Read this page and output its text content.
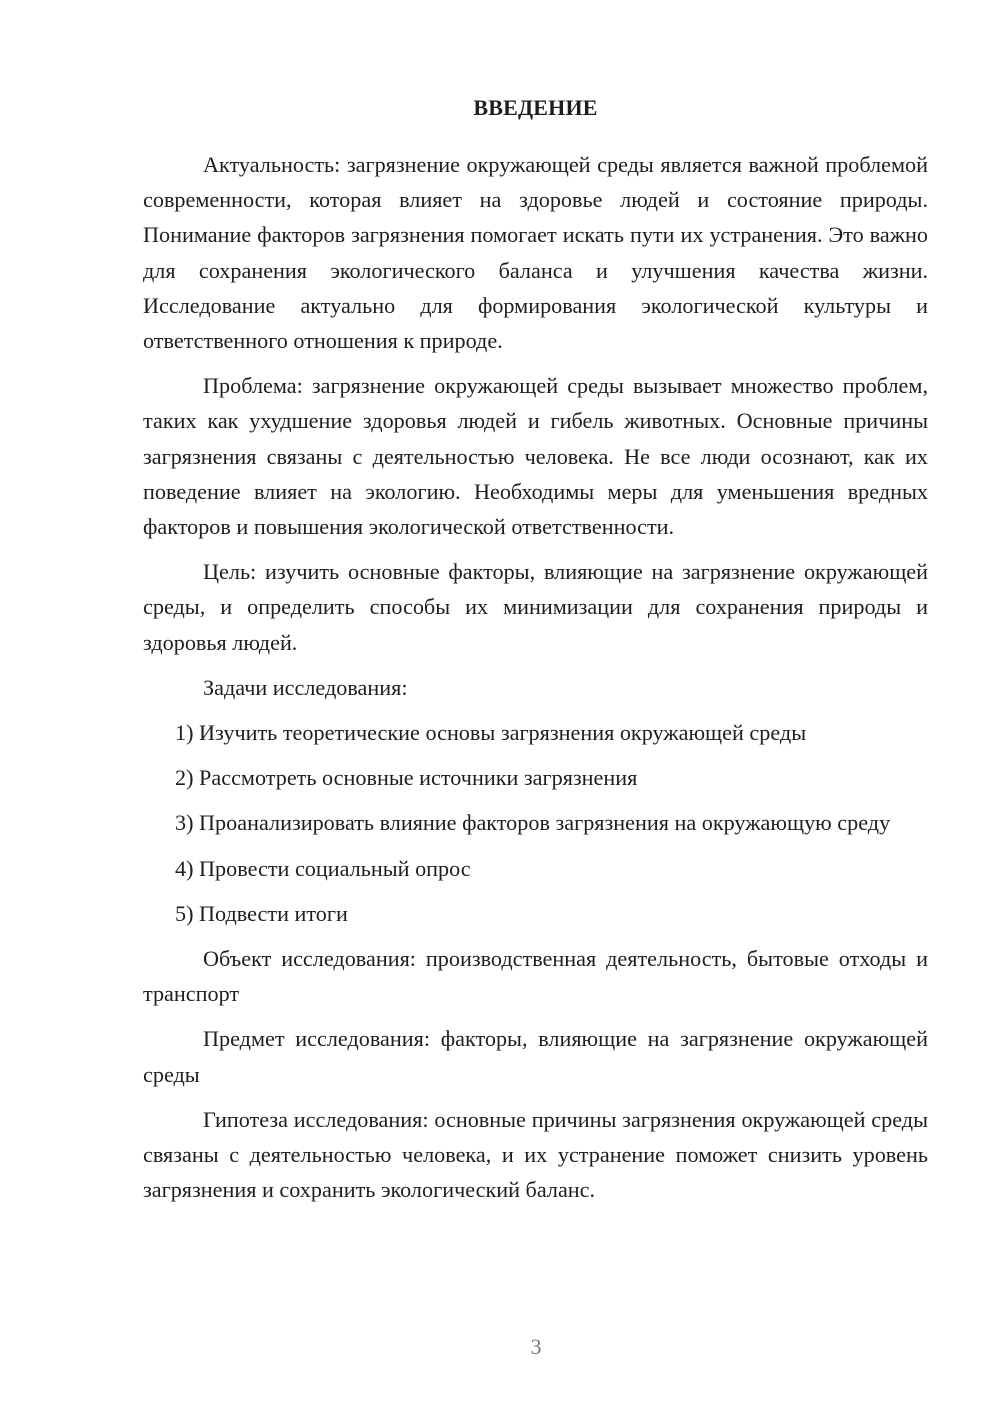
ВВЕДЕНИЕ

Актуальность: загрязнение окружающей среды является важной проблемой современности, которая влияет на здоровье людей и состояние природы. Понимание факторов загрязнения помогает искать пути их устранения. Это важно для сохранения экологического баланса и улучшения качества жизни. Исследование актуально для формирования экологической культуры и ответственного отношения к природе.

Проблема: загрязнение окружающей среды вызывает множество проблем, таких как ухудшение здоровья людей и гибель животных. Основные причины загрязнения связаны с деятельностью человека. Не все люди осознают, как их поведение влияет на экологию. Необходимы меры для уменьшения вредных факторов и повышения экологической ответственности.

Цель: изучить основные факторы, влияющие на загрязнение окружающей среды, и определить способы их минимизации для сохранения природы и здоровья людей.

Задачи исследования:

1) Изучить теоретические основы загрязнения окружающей среды

2) Рассмотреть основные источники загрязнения

3) Проанализировать влияние факторов загрязнения на окружающую среду

4) Провести социальный опрос

5) Подвести итоги

Объект исследования: производственная деятельность, бытовые отходы и транспорт

Предмет исследования: факторы, влияющие на загрязнение окружающей среды

Гипотеза исследования: основные причины загрязнения окружающей среды связаны с деятельностью человека, и их устранение поможет снизить уровень загрязнения и сохранить экологический баланс.

3
